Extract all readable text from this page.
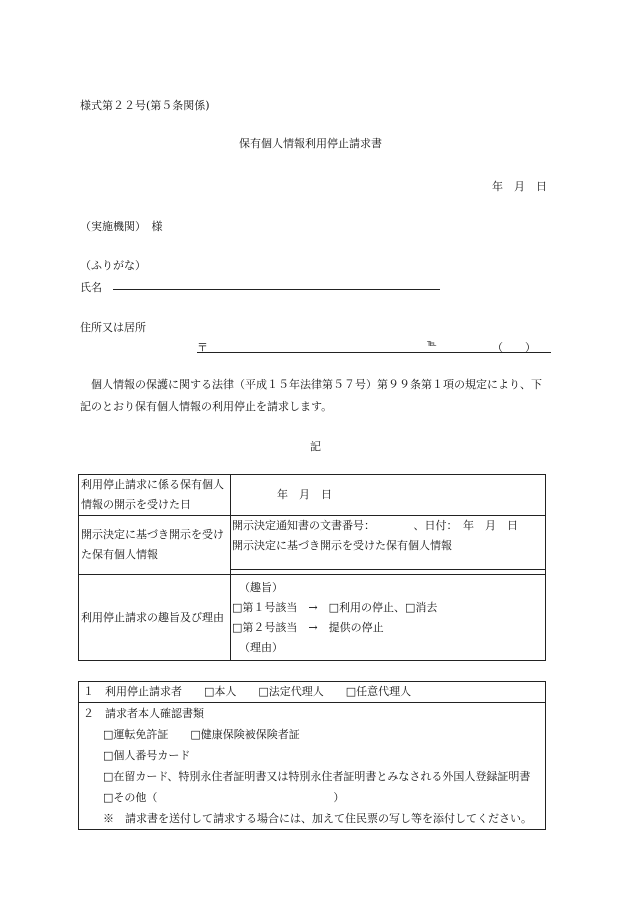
様式第２２号(第５条関係)
保有個人情報利用停止請求書
年　月　日
（実施機関）　様
（ふりがな）
氏名
住所又は居所
〒	℡	（　　）
個人情報の保護に関する法律（平成１５年法律第５７号）第９９条第１項の規定により、下記のとおり保有個人情報の利用停止を請求します。
記
利用停止請求に係る保有個人情報の開示を受けた日	年　月　日
開示決定に基づき開示を受けた保有個人情報	開示決定通知書の文書番号：　　　　、日付：　年　月　日
開示決定に基づき開示を受けた保有個人情報

利用停止請求の趣旨及び理由	（趣旨）
□第１号該当　→　□利用の停止、□消去
□第２号該当　→　提供の停止
（理由）
１　利用停止請求者　　□本人　　□法定代理人　　□任意代理人

２　請求者本人確認書類
□運転免許証　　□健康保険被保険者証
□個人番号カード
□在留カード、特別永住者証明書又は特別永住者証明書とみなされる外国人登録証明書
□その他（　　　　　　　　　　　　　　　　）
※　請求書を送付して請求する場合には、加えて住民票の写し等を添付してください。
